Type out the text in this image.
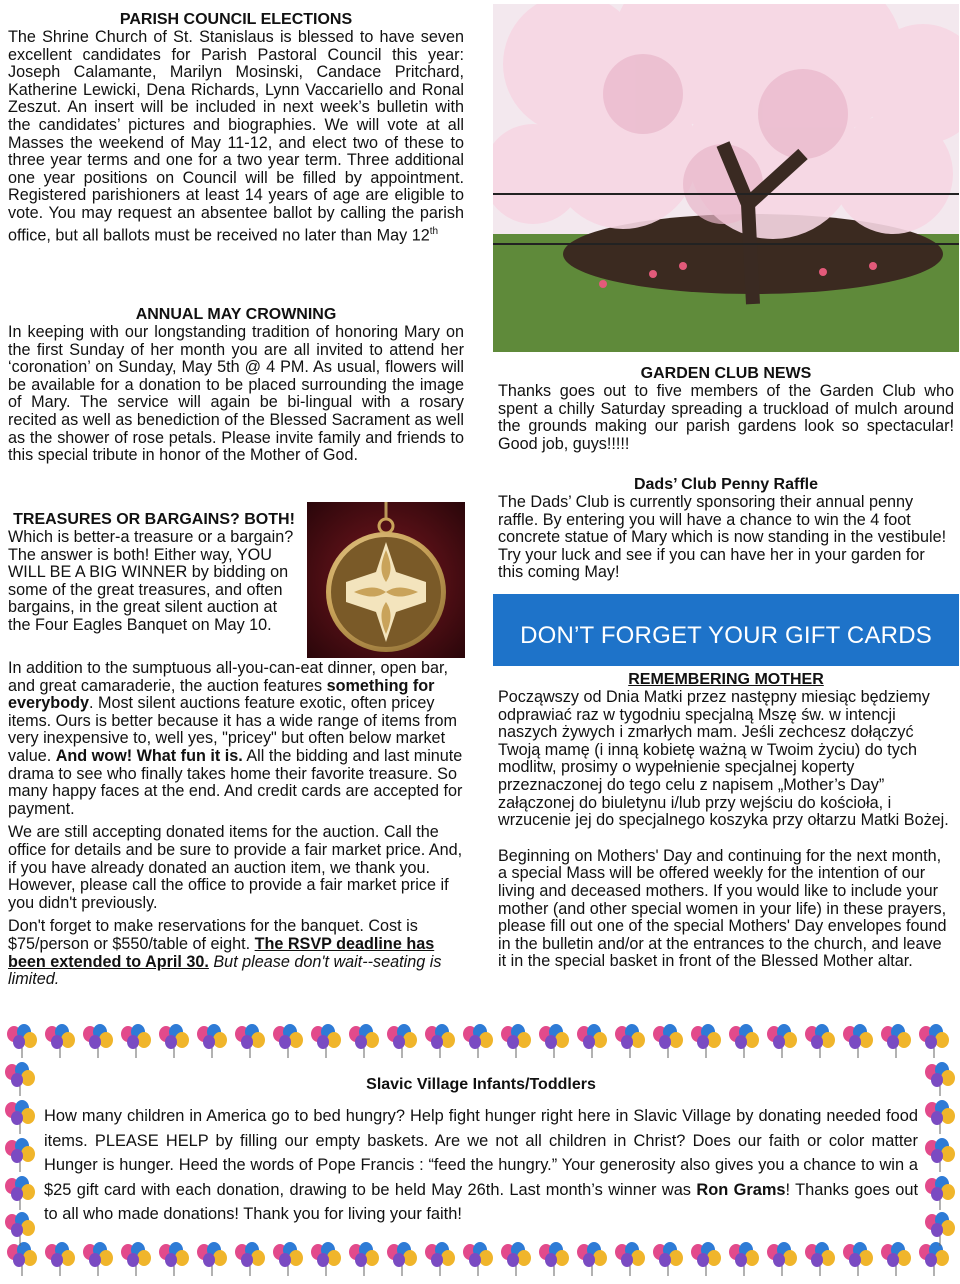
PARISH COUNCIL ELECTIONS

The Shrine Church of St. Stanislaus is blessed to have seven excellent candidates for Parish Pastoral Council this year: Joseph Calamante, Marilyn Mosinski, Candace Pritchard, Katherine Lewicki, Dena Richards, Lynn Vaccariello and Ronal Zeszut. An insert will be included in next week’s bulletin with the candidates’ pictures and biographies. We will vote at all Masses the weekend of May 11-12, and elect two of these to three year terms and one for a two year term. Three additional one year positions on Council will be filled by appointment. Registered parishioners at least 14 years of age are eligible to vote. You may request an absentee ballot by calling the parish office, but all ballots must be received no later than May 12th

ANNUAL MAY CROWNING

In keeping with our longstanding tradition of honoring Mary on the first Sunday of her month you are all invited to attend her ‘coronation’ on Sunday, May 5th @ 4 PM. As usual, flowers will be available for a donation to be placed surrounding the image of Mary. The service will again be bi-lingual with a rosary recited as well as benediction of the Blessed Sacrament as well as the shower of rose petals. Please invite family and friends to this special tribute in honor of the Mother of God.

TREASURES OR BARGAINS? BOTH!

Which is better-a treasure or a bargain? The answer is both! Either way, YOU WILL BE A BIG WINNER by bidding on some of the great treasures, and often bargains, in the great silent auction at the Four Eagles Banquet on May 10.

In addition to the sumptuous all-you-can-eat dinner, open bar, and great camaraderie, the auction features something for everybody. Most silent auctions feature exotic, often pricey items. Ours is better because it has a wide range of items from very inexpensive to, well yes, "pricey" but often below market value. And wow! What fun it is. All the bidding and last minute drama to see who finally takes home their favorite treasure. So many happy faces at the end. And credit cards are accepted for payment.

We are still accepting donated items for the auction. Call the office for details and be sure to provide a fair market price. And, if you have already donated an auction item, we thank you. However, please call the office to provide a fair market price if you didn't previously.

Don't forget to make reservations for the banquet. Cost is $75/person or $550/table of eight. The RSVP deadline has been extended to April 30. But please don't wait--seating is limited.

GARDEN CLUB NEWS

Thanks goes out to five members of the Garden Club who spent a chilly Saturday spreading a truckload of mulch around the grounds making our parish gardens look so spectacular! Good job, guys!!!!!

Dads’ Club Penny Raffle

The Dads’ Club is currently sponsoring their annual penny raffle. By entering you will have a chance to win the 4 foot concrete statue of Mary which is now standing in the vestibule! Try your luck and see if you can have her in your garden for this coming May!

DON’T FORGET YOUR GIFT CARDS
REMEMBERING MOTHER

Począwszy od Dnia Matki przez następny miesiąc będziemy odprawiać raz w tygodniu specjalną Mszę św. w intencji naszych żywych i zmarłych mam. Jeśli zechcesz dołączyć Twoją mamę (i inną kobietę ważną w Twoim życiu) do tych modlitw, prosimy o wypełnienie specjalnej koperty przeznaczonej do tego celu z napisem „Mother’s Day” załączonej do biuletynu i/lub przy wejściu do kościoła, i wrzucenie jej do specjalnego koszyka przy ołtarzu Matki Bożej.

Beginning on Mothers' Day and continuing for the next month, a special Mass will be offered weekly for the intention of our living and deceased mothers. If you would like to include your mother (and other special women in your life) in these prayers, please fill out one of the special Mothers' Day envelopes found in the bulletin and/or at the entrances to the church, and leave it in the special basket in front of the Blessed Mother altar.

Slavic Village Infants/Toddlers

How many children in America go to bed hungry? Help fight hunger right here in Slavic Village by donating needed food items. PLEASE HELP by filling our empty baskets. Are we not all children in Christ? Does our faith or color matter Hunger is hunger. Heed the words of Pope Francis : “feed the hungry.” Your generosity also gives you a chance to win a $25 gift card with each donation, drawing to be held May 26th. Last month’s winner was Ron Grams! Thanks goes out to all who made donations! Thank you for living your faith!
